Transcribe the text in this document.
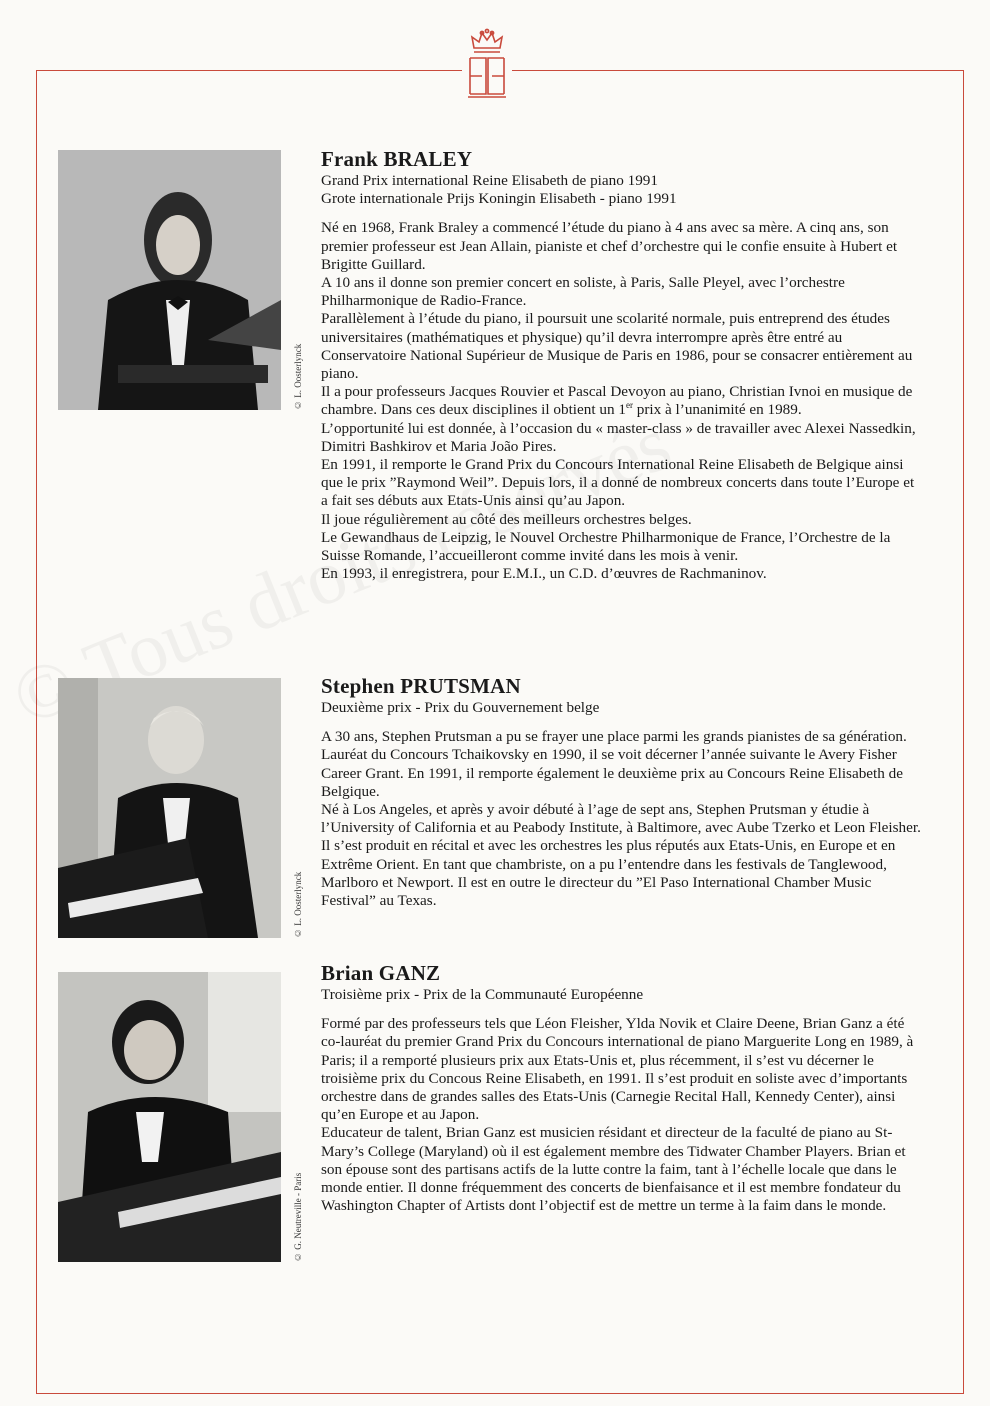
© L. Oosterlynck
Frank BRALEY
Grand Prix international Reine Elisabeth de piano 1991
Grote internationale Prijs Koningin Elisabeth - piano 1991

Né en 1968, Frank Braley a commencé l’étude du piano à 4 ans avec sa mère. A cinq ans, son premier professeur est Jean Allain, pianiste et chef d’orchestre qui le confie ensuite à Hubert et Brigitte Guillard.

A 10 ans il donne son premier concert en soliste, à Paris, Salle Pleyel, avec l’orchestre Philharmonique de Radio-France.

Parallèlement à l’étude du piano, il poursuit une scolarité normale, puis entreprend des études universitaires (mathématiques et physique) qu’il devra interrompre après être entré au Conservatoire National Supérieur de Musique de Paris en 1986, pour se consacrer entièrement au piano.

Il a pour professeurs Jacques Rouvier et Pascal Devoyon au piano, Christian Ivnoi en musique de chambre. Dans ces deux disciplines il obtient un 1er prix à l’unanimité en 1989.

L’opportunité lui est donnée, à l’occasion du « master-class » de travailler avec Alexei Nassedkin, Dimitri Bashkirov et Maria João Pires.

En 1991, il remporte le Grand Prix du Concours International Reine Elisabeth de Belgique ainsi que le prix ”Raymond Weil”. Depuis lors, il a donné de nombreux concerts dans toute l’Europe et a fait ses débuts aux Etats-Unis ainsi qu’au Japon.

Il joue régulièrement au côté des meilleurs orchestres belges.

Le Gewandhaus de Leipzig, le Nouvel Orchestre Philharmonique de France, l’Orchestre de la Suisse Romande, l’accueilleront comme invité dans les mois à venir.

En 1993, il enregistrera, pour E.M.I., un C.D. d’œuvres de Rachmaninov.

© L. Oosterlynck
Stephen PRUTSMAN
Deuxième prix - Prix du Gouvernement belge

A 30 ans, Stephen Prutsman a pu se frayer une place parmi les grands pianistes de sa génération. Lauréat du Concours Tchaikovsky en 1990, il se voit décerner l’année suivante le Avery Fisher Career Grant. En 1991, il remporte également le deuxième prix au Concours Reine Elisabeth de Belgique.

Né à Los Angeles, et après y avoir débuté à l’age de sept ans, Stephen Prutsman y étudie à l’University of California et au Peabody Institute, à Baltimore, avec Aube Tzerko et Leon Fleisher. Il s’est produit en récital et avec les orchestres les plus réputés aux Etats-Unis, en Europe et en Extrême Orient. En tant que chambriste, on a pu l’entendre dans les festivals de Tanglewood, Marlboro et Newport. Il est en outre le directeur du ”El Paso International Chamber Music Festival” au Texas.

© G. Neutreville - Paris
Brian GANZ
Troisième prix - Prix de la Communauté Européenne

Formé par des professeurs tels que Léon Fleisher, Ylda Novik et Claire Deene, Brian Ganz a été co-lauréat du premier Grand Prix du Concours international de piano Marguerite Long en 1989, à Paris; il a remporté plusieurs prix aux Etats-Unis et, plus récemment, il s’est vu décerner le troisième prix du Concous Reine Elisabeth, en 1991. Il s’est produit en soliste avec d’importants orchestre dans de grandes salles des Etats-Unis (Carnegie Recital Hall, Kennedy Center), ainsi qu’en Europe et au Japon.

Educateur de talent, Brian Ganz est musicien résidant et directeur de la faculté de piano au St-Mary’s College (Maryland) où il est également membre des Tidwater Chamber Players. Brian et son épouse sont des partisans actifs de la lutte contre la faim, tant à l’échelle locale que dans le monde entier. Il donne fréquemment des concerts de bienfaisance et il est membre fondateur du Washington Chapter of Artists dont l’objectif est de mettre un terme à la faim dans le monde.
